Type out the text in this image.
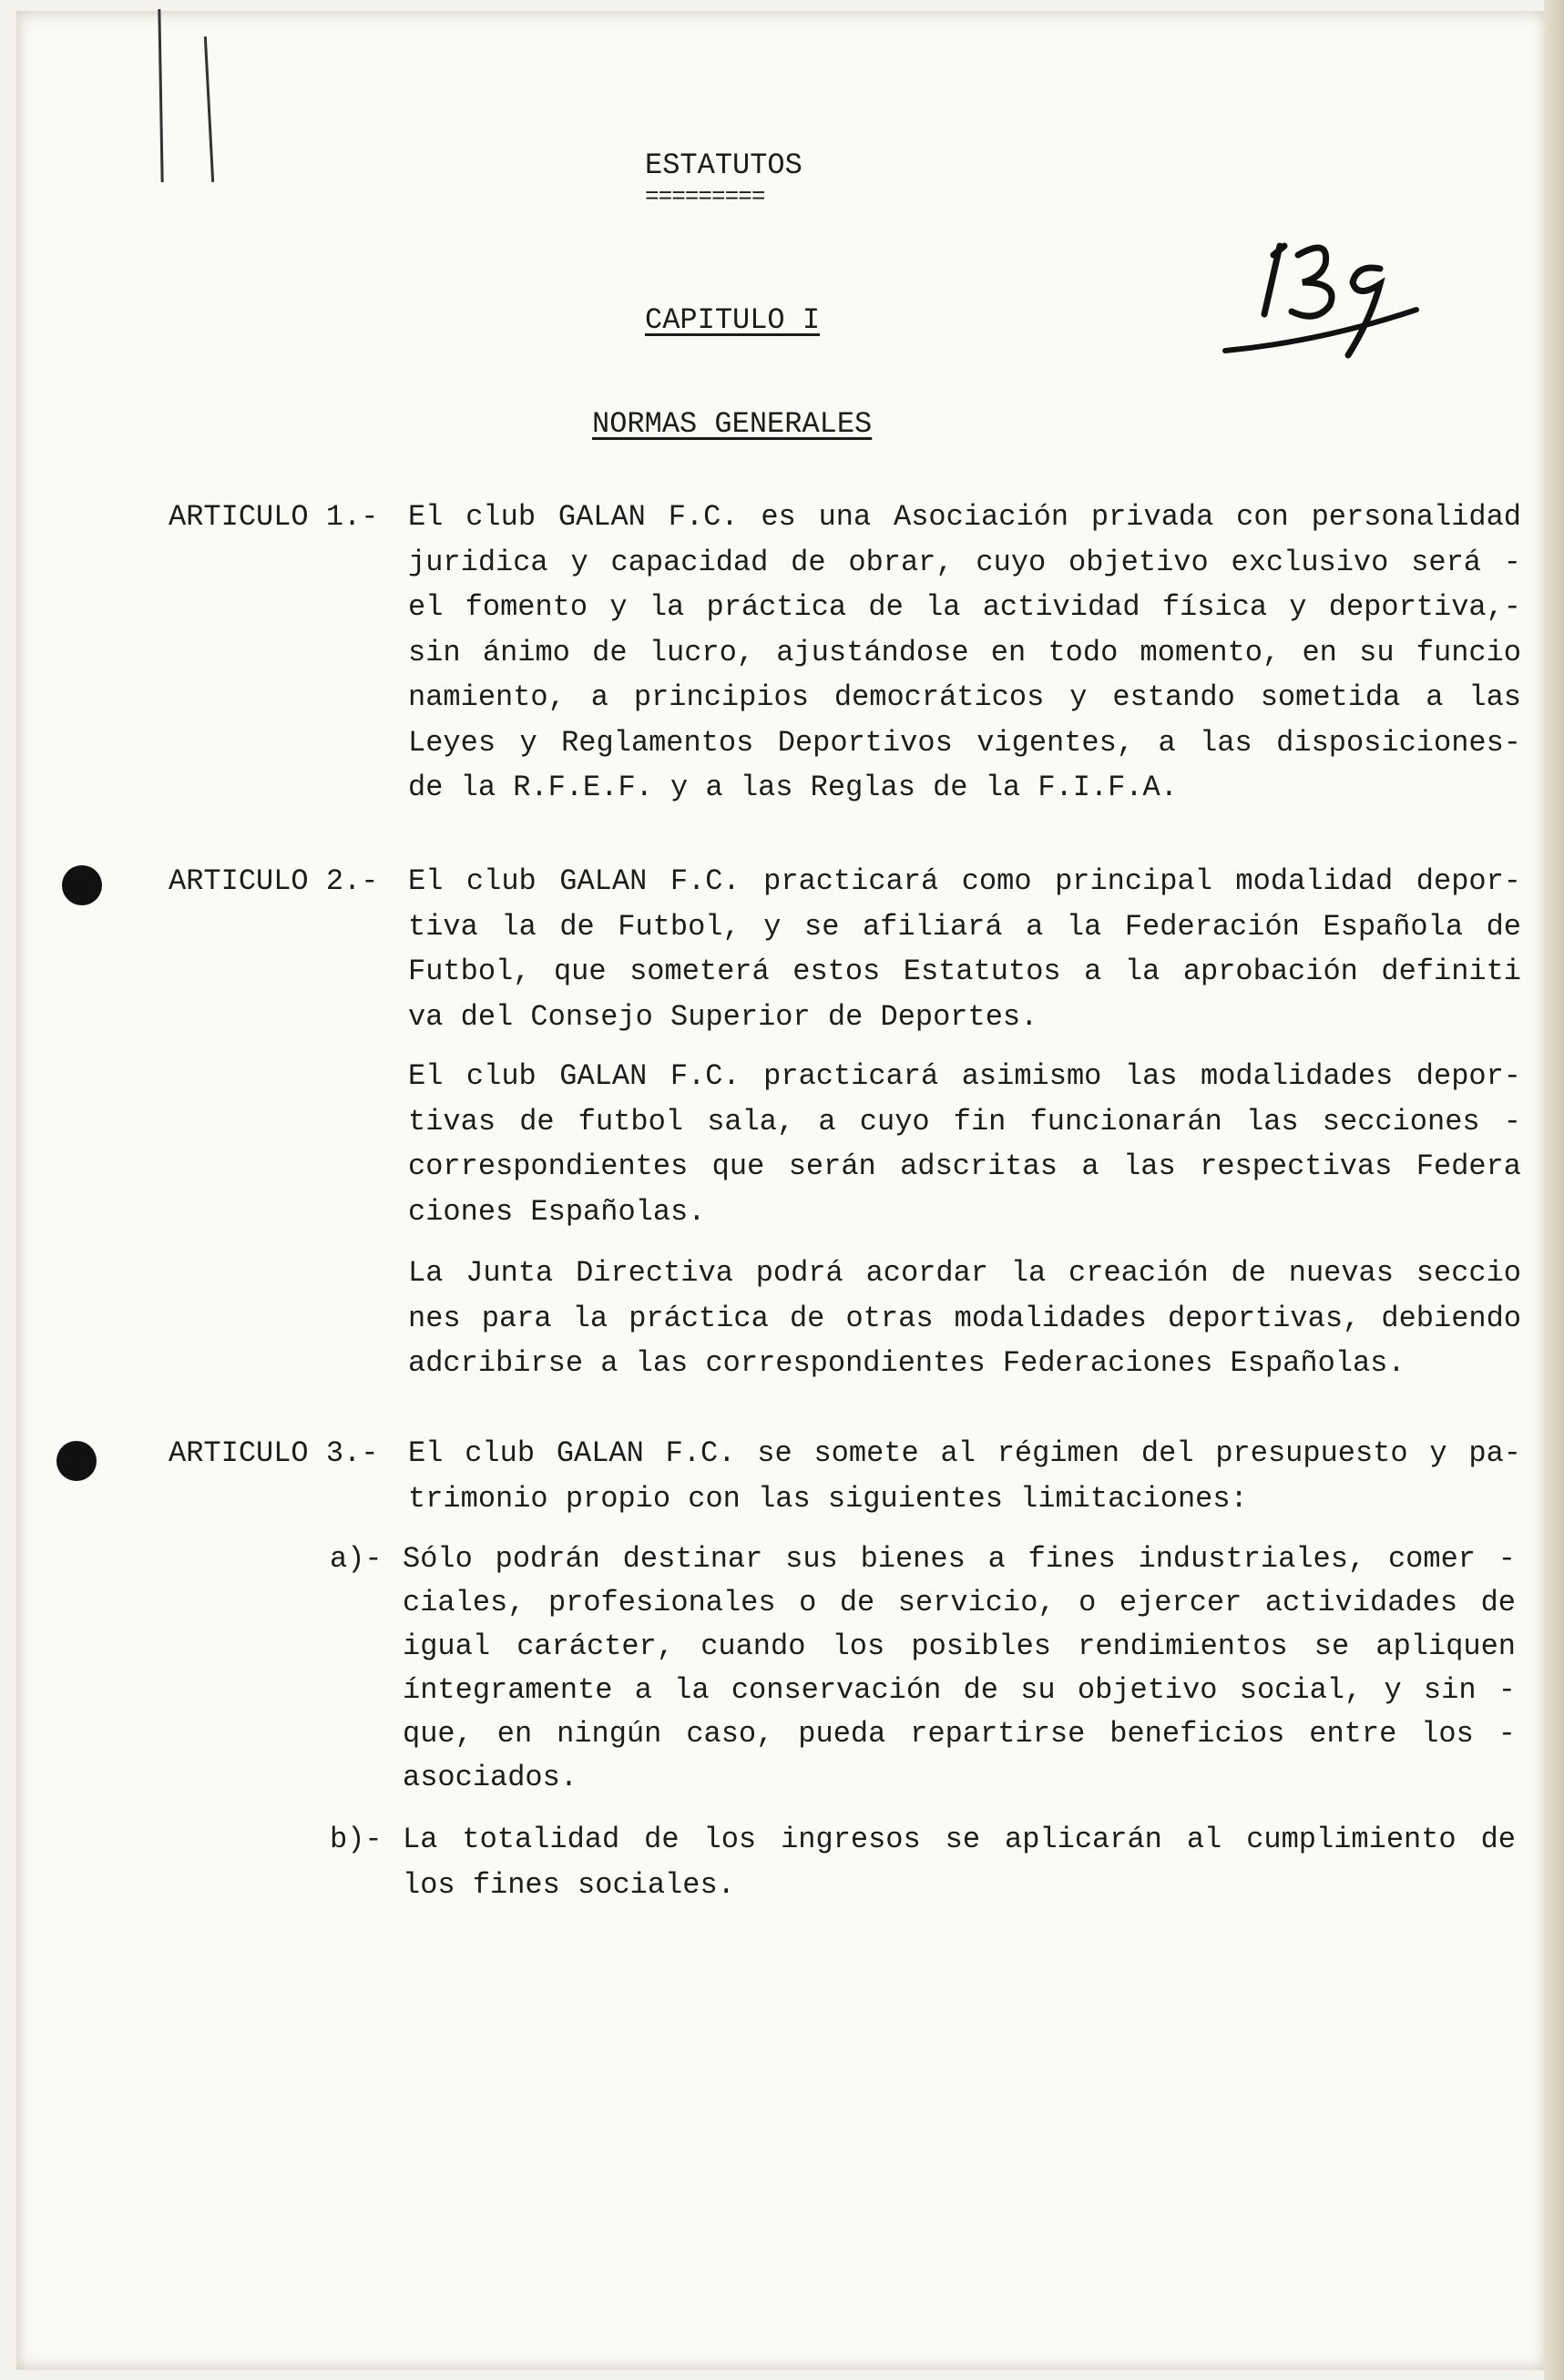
ESTATUTOS
=========
CAPITULO I
NORMAS GENERALES
ARTICULO 1.- El club GALAN F.C. es una Asociación privada con personalidad
juridica y capacidad de obrar, cuyo objetivo exclusivo será -
el fomento y la práctica de la actividad física y deportiva,-
sin ánimo de lucro, ajustándose en todo momento, en su funcio
namiento, a principios democráticos y estando sometida a las
Leyes y Reglamentos Deportivos vigentes, a las disposiciones-
de la R.F.E.F. y a las Reglas de la F.I.F.A.
ARTICULO 2.- El club GALAN F.C. practicará como principal modalidad depor-
tiva la de Futbol, y se afiliará a la Federación Española de
Futbol, que someterá estos Estatutos a la aprobación definiti
va del Consejo Superior de Deportes.
El club GALAN F.C. practicará asimismo las modalidades depor-
tivas de futbol sala, a cuyo fin funcionarán las secciones -
correspondientes que serán adscritas a las respectivas Federa
ciones Españolas.
La Junta Directiva podrá acordar la creación de nuevas seccio
nes para la práctica de otras modalidades deportivas, debiendo
adcribirse a las correspondientes Federaciones Españolas.
ARTICULO 3.- El club GALAN F.C. se somete al régimen del presupuesto y pa-
trimonio propio con las siguientes limitaciones:
a)- Sólo podrán destinar sus bienes a fines industriales, comer -
ciales, profesionales o de servicio, o ejercer actividades de
igual carácter, cuando los posibles rendimientos se apliquen
íntegramente a la conservación de su objetivo social, y sin -
que, en ningún caso, pueda repartirse beneficios entre los -
asociados.
b)- La totalidad de los ingresos se aplicarán al cumplimiento de
los fines sociales.
